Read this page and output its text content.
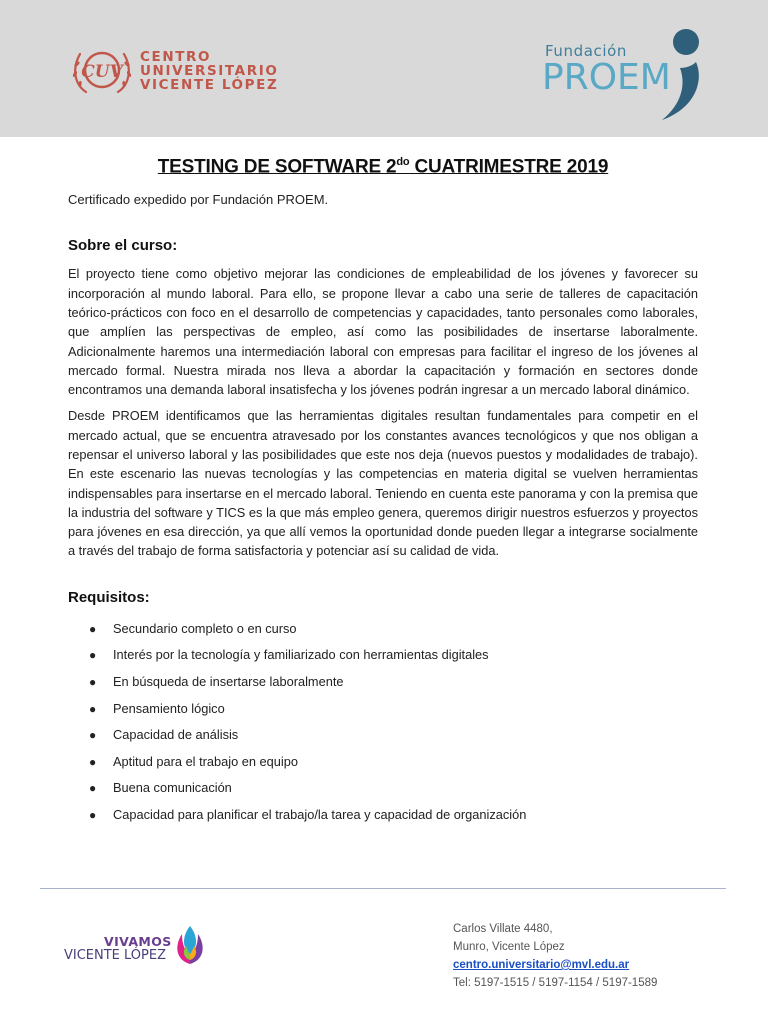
CUV
CENTRO
UNIVERSITARIO
VICENTE LÓPEZ
Fundación
PROEM
TESTING DE SOFTWARE $2^{do}$ CUATRIMESTRE 2019
Certificado expedido por Fundación PROEM.
Sobre el curso:

El proyecto tiene como objetivo mejorar las condiciones de empleabilidad de los jóvenes y favorecer su incorporación al mundo laboral. Para ello, se propone llevar a cabo una serie de talleres de capacitación teórico-prácticos con foco en el desarrollo de competencias y capacidades, tanto personales como laborales, que amplíen las perspectivas de empleo, así como las posibilidades de insertarse laboralmente. Adicionalmente haremos una intermediación laboral con empresas para facilitar el ingreso de los jóvenes al mercado formal. Nuestra mirada nos lleva a abordar la capacitación y formación en sectores donde encontramos una demanda laboral insatisfecha y los jóvenes podrán ingresar a un mercado laboral dinámico.

Desde PROEM identificamos que las herramientas digitales resultan fundamentales para competir en el mercado actual, que se encuentra atravesado por los constantes avances tecnológicos y que nos obligan a repensar el universo laboral y las posibilidades que este nos deja (nuevos puestos y modalidades de trabajo). En este escenario las nuevas tecnologías y las competencias en materia digital se vuelven herramientas indispensables para insertarse en el mercado laboral. Teniendo en cuenta este panorama y con la premisa que la industria del software y TICS es la que más empleo genera, queremos dirigir nuestros esfuerzos y proyectos para jóvenes en esa dirección, ya que allí vemos la oportunidad donde pueden llegar a integrarse socialmente a través del trabajo de forma satisfactoria y potenciar así su calidad de vida.

Requisitos:
● Secundario completo o en curso
● Interés por la tecnología y familiarizado con herramientas digitales
● En búsqueda de insertarse laboralmente
● Pensamiento lógico
● Capacidad de análisis
● Aptitud para el trabajo en equipo
● Buena comunicación
● Capacidad para planificar el trabajo/la tarea y capacidad de organización
VIVAMOS
VICENTE LÓPEZ
Carlos Villate 4480,
Munro, Vicente López
centro.universitario@mvl.edu.ar
Tel: 5197-1515 / 5197-1154 / 5197-1589
